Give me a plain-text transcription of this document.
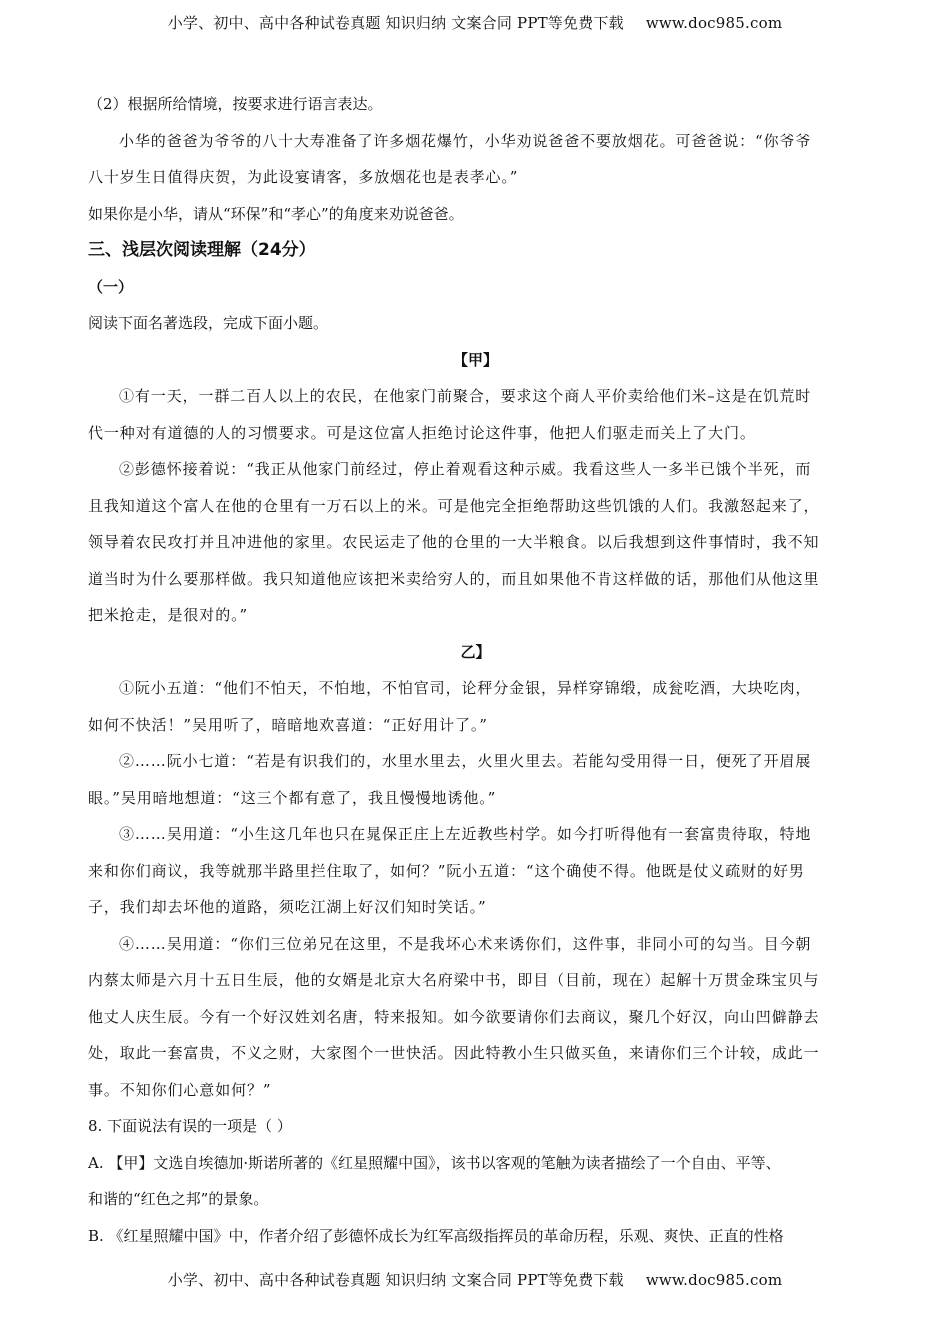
小学、初中、高中各种试卷真题 知识归纳 文案合同 PPT等免费下载 www.doc985.com
（2）根据所给情境，按要求进行语言表达。
小华的爸爸为爷爷的八十大寿准备了许多烟花爆竹，小华劝说爸爸不要放烟花。可爸爸说：“你爷爷
八十岁生日值得庆贺，为此设宴请客，多放烟花也是表孝心。”
如果你是小华，请从“环保”和“孝心”的角度来劝说爸爸。
三、浅层次阅读理解（24分）
（一）
阅读下面名著选段，完成下面小题。
【甲】
①有一天，一群二百人以上的农民，在他家门前聚合，要求这个商人平价卖给他们米–这是在饥荒时
代一种对有道德的人的习惯要求。可是这位富人拒绝讨论这件事，他把人们驱走而关上了大门。
②彭德怀接着说：“我正从他家门前经过，停止着观看这种示威。我看这些人一多半已饿个半死，而
且我知道这个富人在他的仓里有一万石以上的米。可是他完全拒绝帮助这些饥饿的人们。我激怒起来了，
领导着农民攻打并且冲进他的家里。农民运走了他的仓里的一大半粮食。以后我想到这件事情时，我不知
道当时为什么要那样做。我只知道他应该把米卖给穷人的，而且如果他不肯这样做的话，那他们从他这里
把米抢走，是很对的。”
乙】
①阮小五道：“他们不怕天，不怕地，不怕官司，论秤分金银，异样穿锦缎，成瓮吃酒，大块吃肉，
如何不快活！”吴用听了，暗暗地欢喜道：“正好用计了。”
②……阮小七道：“若是有识我们的，水里水里去，火里火里去。若能勾受用得一日，便死了开眉展
眼。”吴用暗地想道：“这三个都有意了，我且慢慢地诱他。”
③……吴用道：“小生这几年也只在晁保正庄上左近教些村学。如今打听得他有一套富贵待取，特地
来和你们商议，我等就那半路里拦住取了，如何？”阮小五道：“这个确使不得。他既是仗义疏财的好男
子，我们却去坏他的道路，须吃江湖上好汉们知时笑话。”
④……吴用道：“你们三位弟兄在这里，不是我坏心术来诱你们，这件事，非同小可的勾当。目今朝
内蔡太师是六月十五日生辰，他的女婿是北京大名府梁中书，即目（目前，现在）起解十万贯金珠宝贝与
他丈人庆生辰。今有一个好汉姓刘名唐，特来报知。如今欲要请你们去商议，聚几个好汉，向山凹僻静去
处，取此一套富贵，不义之财，大家图个一世快活。因此特教小生只做买鱼，来请你们三个计较，成此一
事。不知你们心意如何？”
8. 下面说法有误的一项是（ ）
A. 【甲】文选自埃德加·斯诺所著的《红星照耀中国》，该书以客观的笔触为读者描绘了一个自由、平等、
和谐的“红色之邦”的景象。
B. 《红星照耀中国》中，作者介绍了彭德怀成长为红军高级指挥员的革命历程，乐观、爽快、正直的性格
小学、初中、高中各种试卷真题 知识归纳 文案合同 PPT等免费下载 www.doc985.com
